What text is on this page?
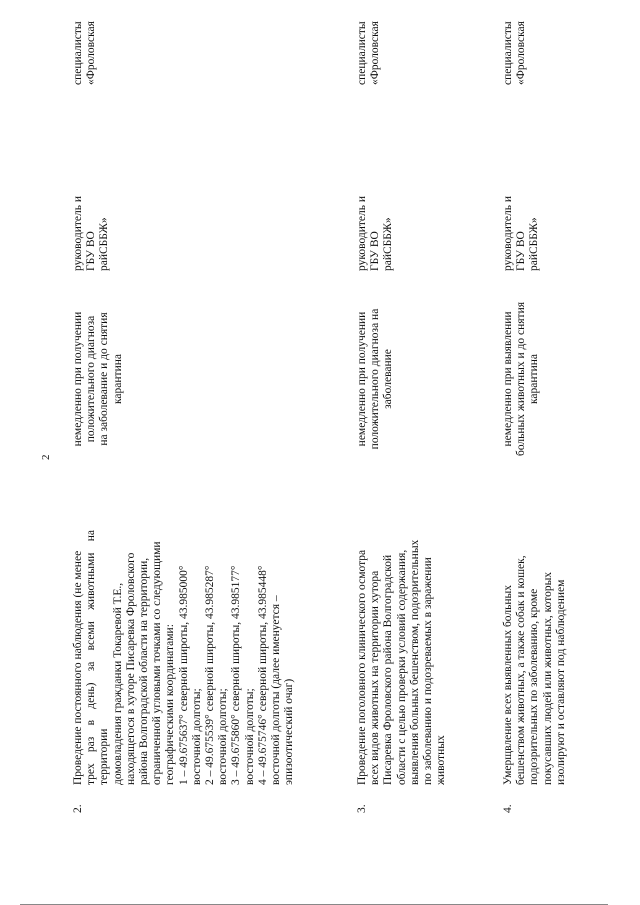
2
2.
Проведение постоянного наблюдения (не менее трех раз в день) за всеми животными на территории домовладения гражданки Токаревой Т.Е., находящегося в хуторе Писаревка Фроловского района Волгоградской области на территории, ограниченной угловыми точками со следующими географическими координатами: 1 – 49.675637° северной широты, 43.985000° восточной долготы; 2 – 49.675539° северной широты, 43.985287° восточной долготы; 3 – 49.675860° северной широты, 43.985177° восточной долготы; 4 – 49.675746° северной широты, 43.985448° восточной долготы (далее именуется – эпизоотический очаг)
немедленно при получении положительного диагноза на заболевание и до снятия карантина
руководитель и ГБУ ВО райСББЖ»
специалисты «Фроловская
3.
Проведение поголовного клинического осмотра всех видов животных на территории хутора Писаревка Фроловского района Волгоградской области с целью проверки условий содержания, выявления больных бешенством, подозрительных по заболеванию и подозреваемых в заражении животных
немедленно при получении положительного диагноза на заболевание
руководитель и ГБУ ВО райСББЖ»
специалисты «Фроловская
4.
Умерщвление всех выявленных больных бешенством животных, а также собак и кошек, подозрительных по заболеванию, кроме покусавших людей или животных, которых изолируют и оставляют под наблюдением
немедленно при выявлении больных животных и до снятия карантина
руководитель и ГБУ ВО райСББЖ»
специалисты «Фроловская
